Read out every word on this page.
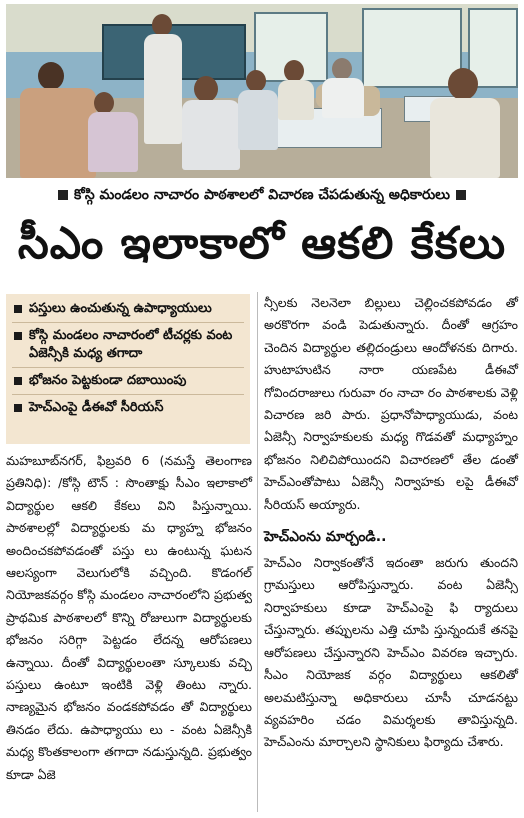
కోస్గి మండలం నాచారం పాఠశాలలో విచారణ చేపడుతున్న అధికారులు
సీఎం ఇలాకాలో ఆకలి కేకలు
పస్తులు ఉంచుతున్న ఉపాధ్యాయులు
కోస్గి మండలం నాచారంలో టీచర్లకు వంట ఏజెన్సీకి మధ్య తగాదా
భోజనం పెట్టకుండా దబాయింపు
హెచ్‌ఎంపై డీఈవో సీరియస్

మహబూబ్‌నగర్, ఫిబ్రవరి 6 (నమస్తే తెలంగాణ ప్రతినిధి): /కోస్గి టౌన్ : సొంతాక్షు సీఎం ఇలాకాలో విద్యార్థుల ఆకలి కేకలు విని పిస్తున్నాయి. పాఠశాలల్లో విద్యార్థులకు మ ధ్యాహ్న భోజనం అందించకపోవడంతో పస్తు లు ఉంటున్న ఘటన ఆలస్యంగా వెలుగులోకి వచ్చింది. కొడంగల్ నియోజకవర్గం కోస్గి మండలం నాచారంలోని ప్రభుత్వ ప్రాథమిక పాఠశాలలో కొన్ని రోజులుగా విద్యార్థులకు భోజనం సరిగ్గా పెట్టడం లేదన్న ఆరోపణలు ఉన్నాయి. దీంతో విద్యార్థులంతా స్కూలుకు వచ్చి పస్తులు ఉంటూ ఇంటికి వెళ్లి తింటు న్నారు. నాణ్యమైన భోజనం వండకపోవడం తో విద్యార్థులు తినడం లేదు. ఉపాధ్యాయు లు - వంట ఏజెన్సీకి మధ్య కొంతకాలంగా తగాదా నడుస్తున్నది. ప్రభుత్వం కూడా ఏజె

న్సీలకు నెలనెలా బిల్లులు చెల్లించకపోవడం తో అరకొరగా వండి పెడుతున్నారు. దీంతో ఆగ్రహం చెందిన విద్యార్థుల తల్లిదండ్రులు ఆందోళనకు దిగారు. హుటాహుటిన నారా యణపేట డీఈవో గోవిందరాజులు గురువా రం నాచా రం పాఠశాలకు వెళ్లి విచారణ జరి పారు. ప్రధానోపాధ్యాయుడు, వంట ఏజెన్సీ నిర్వాహకులకు మధ్య గొడవతో మధ్యాహ్నం భోజనం నిలిచిపోయిందని విచారణలో తేల డంతో హెచ్‌ఎంతోపాటు ఏజెన్సీ నిర్వాహకు లపై డీఈవో సీరియస్ అయ్యారు.

హెచ్‌ఎంను మార్చండి..

హెచ్‌ఎం నిర్వాకంతోనే ఇదంతా జరుగు తుందని గ్రామస్తులు ఆరోపిస్తున్నారు. వంట ఏజెన్సీ నిర్వాహకులు కూడా హెచ్‌ఎంపై ఫి ర్యాదులు చేస్తున్నారు. తప్పులను ఎత్తి చూపి స్తున్నందుకే తనపై ఆరోపణలు చేస్తున్నారని హెచ్‌ఎం వివరణ ఇచ్చారు. సీఎం నియోజక వర్గం విద్యార్థులు ఆకలితో అలమటిస్తున్నా అధికారులు చూసీ చూడనట్టు వ్యవహరిం చడం విమర్శలకు తావిస్తున్నది. హెచ్‌ఎంను మార్చాలని స్థానికులు ఫిర్యాదు చేశారు.
